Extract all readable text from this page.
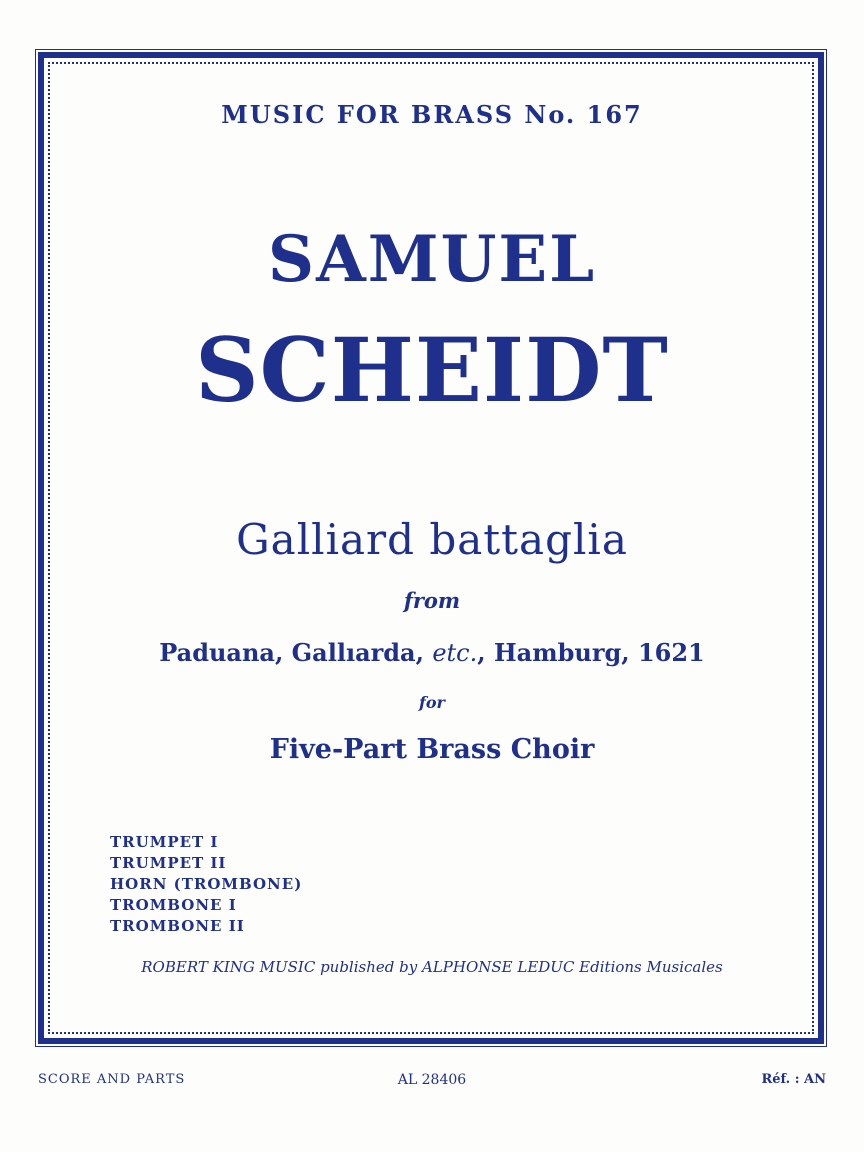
MUSIC FOR BRASS No. 167
SAMUEL
SCHEIDT
Galliard battaglia
from
Paduana, Gallıarda, etc., Hamburg, 1621
for
Five-Part Brass Choir
TRUMPET I
TRUMPET II
HORN (TROMBONE)
TROMBONE I
TROMBONE II
ROBERT KING MUSIC published by ALPHONSE LEDUC Editions Musicales
SCORE AND PARTS	AL 28406	Réf. : AN
